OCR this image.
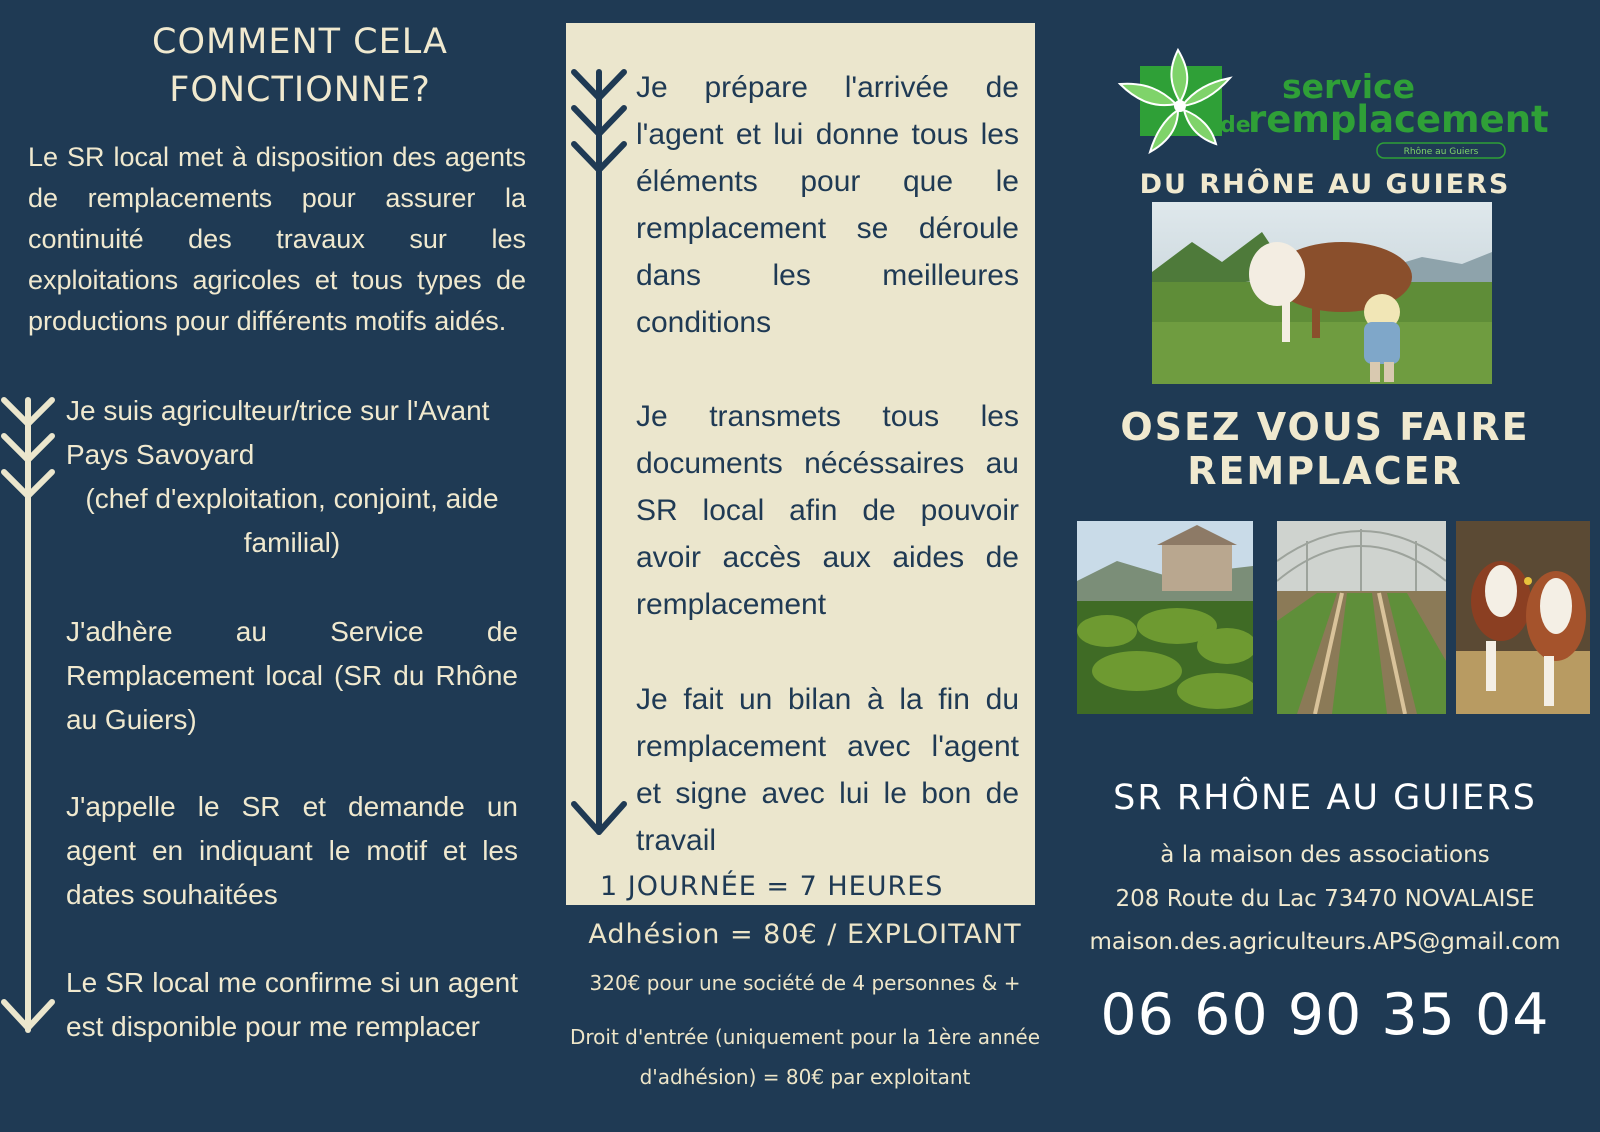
COMMENT CELA
FONCTIONNE?
Le SR local met à disposition des agents de remplacements pour assurer la continuité des travaux sur les exploitations agricoles et tous types de productions pour différents motifs aidés.
Je suis agriculteur/trice sur l'Avant Pays Savoyard
(chef d'exploitation, conjoint, aide familial)
J'adhère au Service de Remplacement local (SR du Rhône au Guiers)
J'appelle le SR et demande un agent en indiquant le motif et les dates souhaitées
Le SR local me confirme si un agent est disponible pour me remplacer
Je prépare l'arrivée de l'agent et lui donne tous les éléments pour que le remplacement se déroule dans les meilleures conditions
Je transmets tous les documents nécéssaires au SR local afin de pouvoir avoir accès aux aides de remplacement
Je fait un bilan à la fin du remplacement avec l'agent et signe avec lui le bon de travail
1 JOURNÉE = 7 HEURES
Adhésion = 80€ / EXPLOITANT
320€ pour une société de 4 personnes & +
Droit d'entrée (uniquement pour la 1ère année d'adhésion) = 80€ par exploitant
service
de
remplacement
Rhône au Guiers
DU RHÔNE AU GUIERS
OSEZ VOUS FAIRE
REMPLACER
SR RHÔNE AU GUIERS
à la maison des associations
208 Route du Lac 73470 NOVALAISE
maison.des.agriculteurs.APS@gmail.com
06 60 90 35 04
